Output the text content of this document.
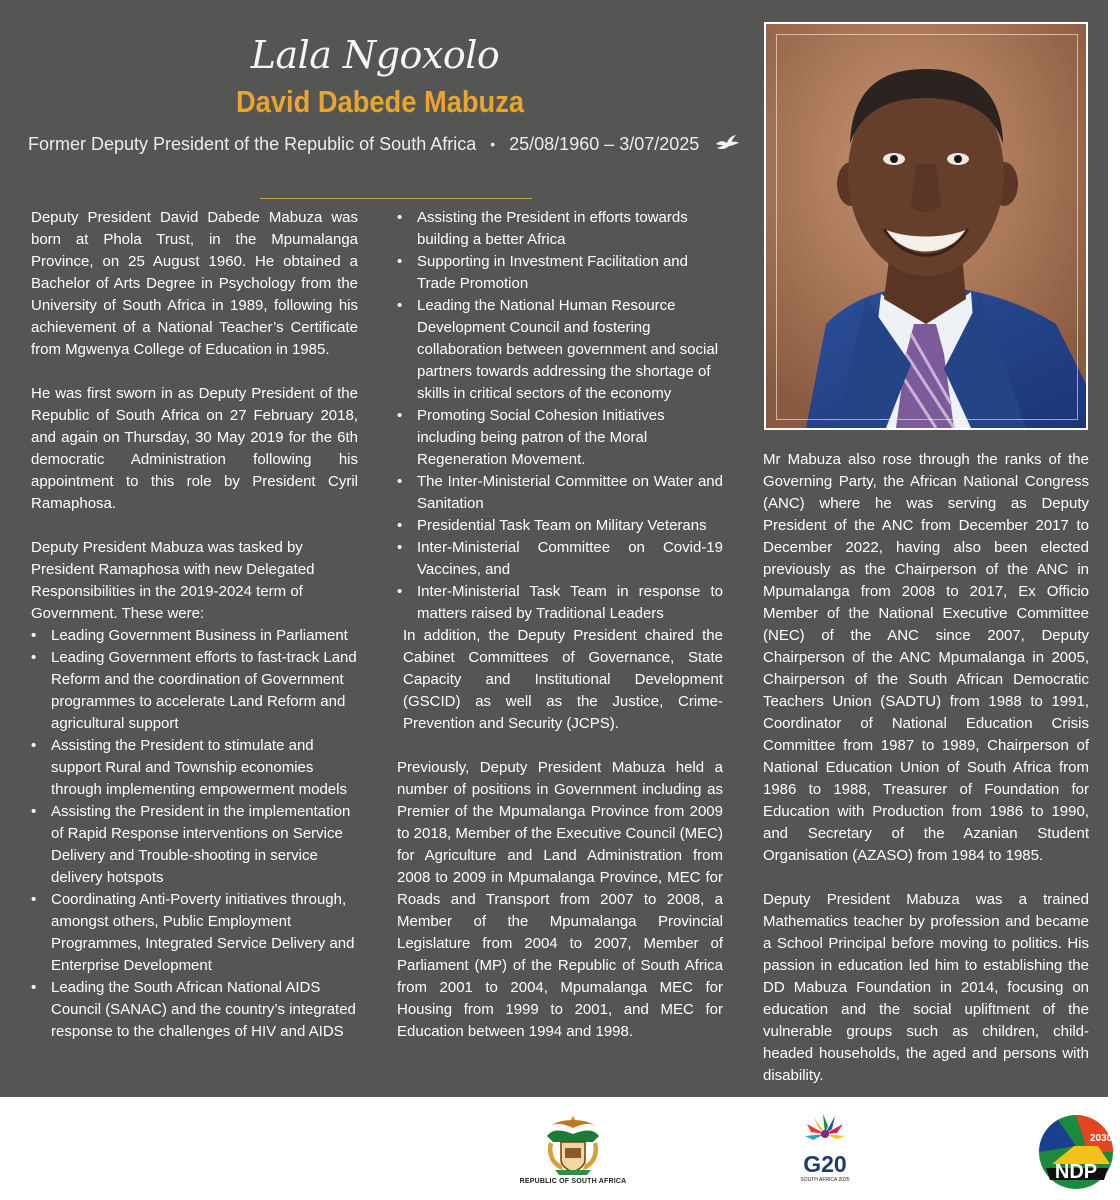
Lala Ngoxolo
David Dabede Mabuza
Former Deputy President of the Republic of South Africa • 25/08/1960 – 3/07/2025

Deputy President David Dabede Mabuza was born at Phola Trust, in the Mpumalanga Province, on 25 August 1960. He obtained a Bachelor of Arts Degree in Psychology from the University of South Africa in 1989, following his achievement of a National Teacher’s Certificate from Mgwenya College of Education in 1985.

He was first sworn in as Deputy President of the Republic of South Africa on 27 February 2018, and again on Thursday, 30 May 2019 for the 6th democratic Administration following his appointment to this role by President Cyril Ramaphosa.

Deputy President Mabuza was tasked by President Ramaphosa with new Delegated Responsibilities in the 2019-2024 term of Government. These were:

• Leading Government Business in Parliament
• Leading Government efforts to fast-track Land Reform and the coordination of Government programmes to accelerate Land Reform and agricultural support
• Assisting the President to stimulate and support Rural and Township economies through implementing empowerment models
• Assisting the President in the implementation of Rapid Response interventions on Service Delivery and Trouble-shooting in service delivery hotspots
• Coordinating Anti-Poverty initiatives through, amongst others, Public Employment Programmes, Integrated Service Delivery and Enterprise Development
• Leading the South African National AIDS Council (SANAC) and the country’s integrated response to the challenges of HIV and AIDS
• Assisting the President in efforts towards building a better Africa
• Supporting in Investment Facilitation and Trade Promotion
• Leading the National Human Resource Development Council and fostering collaboration between government and social partners towards addressing the shortage of skills in critical sectors of the economy
• Promoting Social Cohesion Initiatives including being patron of the Moral Regeneration Movement.
• The Inter-Ministerial Committee on Water and Sanitation
• Presidential Task Team on Military Veterans
• Inter-Ministerial Committee on Covid-19 Vaccines, and
• Inter-Ministerial Task Team in response to matters raised by Traditional Leaders

In addition, the Deputy President chaired the Cabinet Committees of Governance, State Capacity and Institutional Development (GSCID) as well as the Justice, Crime-Prevention and Security (JCPS).

Previously, Deputy President Mabuza held a number of positions in Government including as Premier of the Mpumalanga Province from 2009 to 2018, Member of the Executive Council (MEC) for Agriculture and Land Administration from 2008 to 2009 in Mpumalanga Province, MEC for Roads and Transport from 2007 to 2008, a Member of the Mpumalanga Provincial Legislature from 2004 to 2007, Member of Parliament (MP) of the Republic of South Africa from 2001 to 2004, Mpumalanga MEC for Housing from 1999 to 2001, and MEC for Education between 1994 and 1998.

Mr Mabuza also rose through the ranks of the Governing Party, the African National Congress (ANC) where he was serving as Deputy President of the ANC from December 2017 to December 2022, having also been elected previously as the Chairperson of the ANC in Mpumalanga from 2008 to 2017, Ex Officio Member of the National Executive Committee (NEC) of the ANC since 2007, Deputy Chairperson of the ANC Mpumalanga in 2005, Chairperson of the South African Democratic Teachers Union (SADTU) from 1988 to 1991, Coordinator of National Education Crisis Committee from 1987 to 1989, Chairperson of National Education Union of South Africa from 1986 to 1988, Treasurer of Foundation for Education with Production from 1986 to 1990, and Secretary of the Azanian Student Organisation (AZASO) from 1984 to 1985.

Deputy President Mabuza was a trained Mathematics teacher by profession and became a School Principal before moving to politics. His passion in education led him to establishing the DD Mabuza Foundation in 2014, focusing on education and the social upliftment of the vulnerable groups such as children, child-headed households, the aged and persons with disability.

REPUBLIC OF SOUTH AFRICA
G20
SOUTH AFRICA 2025
2030
NDP
